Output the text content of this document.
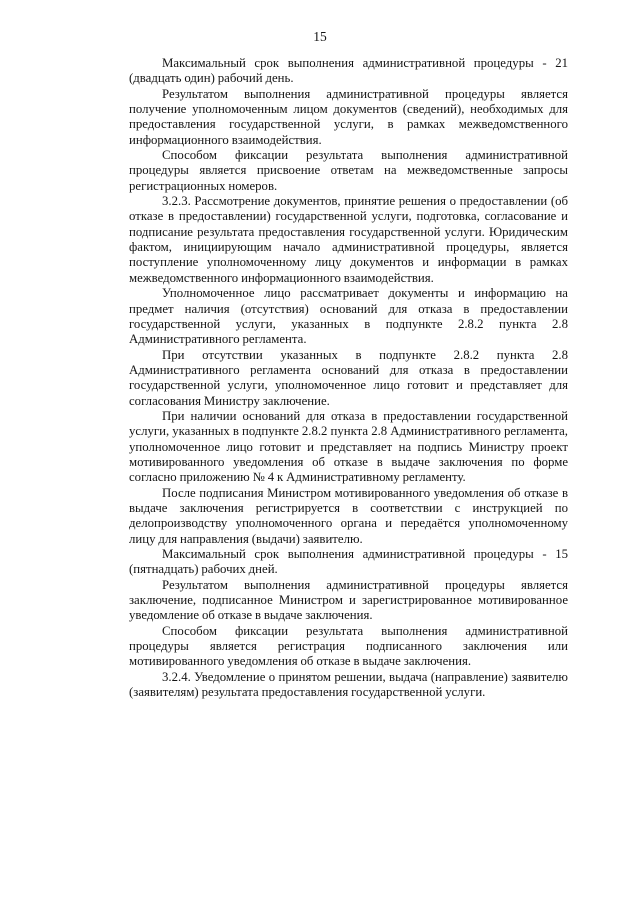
15

Максимальный срок выполнения административной процедуры - 21 (двадцать один) рабочий день.

Результатом выполнения административной процедуры является получение уполномоченным лицом документов (сведений), необходимых для предоставления государственной услуги, в рамках межведомственного информационного взаимодействия.

Способом фиксации результата выполнения административной процедуры является присвоение ответам на межведомственные запросы регистрационных номеров.

3.2.3. Рассмотрение документов, принятие решения о предоставлении (об отказе в предоставлении) государственной услуги, подготовка, согласование и подписание результата предоставления государственной услуги. Юридическим фактом, инициирующим начало административной процедуры, является поступление уполномоченному лицу документов и информации в рамках межведомственного информационного взаимодействия.

Уполномоченное лицо рассматривает документы и информацию на предмет наличия (отсутствия) оснований для отказа в предоставлении государственной услуги, указанных в подпункте 2.8.2 пункта 2.8 Административного регламента.

При отсутствии указанных в подпункте 2.8.2 пункта 2.8 Административного регламента оснований для отказа в предоставлении государственной услуги, уполномоченное лицо готовит и представляет для согласования Министру заключение.

При наличии оснований для отказа в предоставлении государственной услуги, указанных в подпункте 2.8.2 пункта 2.8 Административного регламента, уполномоченное лицо готовит и представляет на подпись Министру проект мотивированного уведомления об отказе в выдаче заключения по форме согласно приложению № 4 к Административному регламенту.

После подписания Министром мотивированного уведомления об отказе в выдаче заключения регистрируется в соответствии с инструкцией по делопроизводству уполномоченного органа и передаётся уполномоченному лицу для направления (выдачи) заявителю.

Максимальный срок выполнения административной процедуры - 15 (пятнадцать) рабочих дней.

Результатом выполнения административной процедуры является заключение, подписанное Министром и зарегистрированное мотивированное уведомление об отказе в выдаче заключения.

Способом фиксации результата выполнения административной процедуры является регистрация подписанного заключения или мотивированного уведомления об отказе в выдаче заключения.

3.2.4. Уведомление о принятом решении, выдача (направление) заявителю (заявителям) результата предоставления государственной услуги.
